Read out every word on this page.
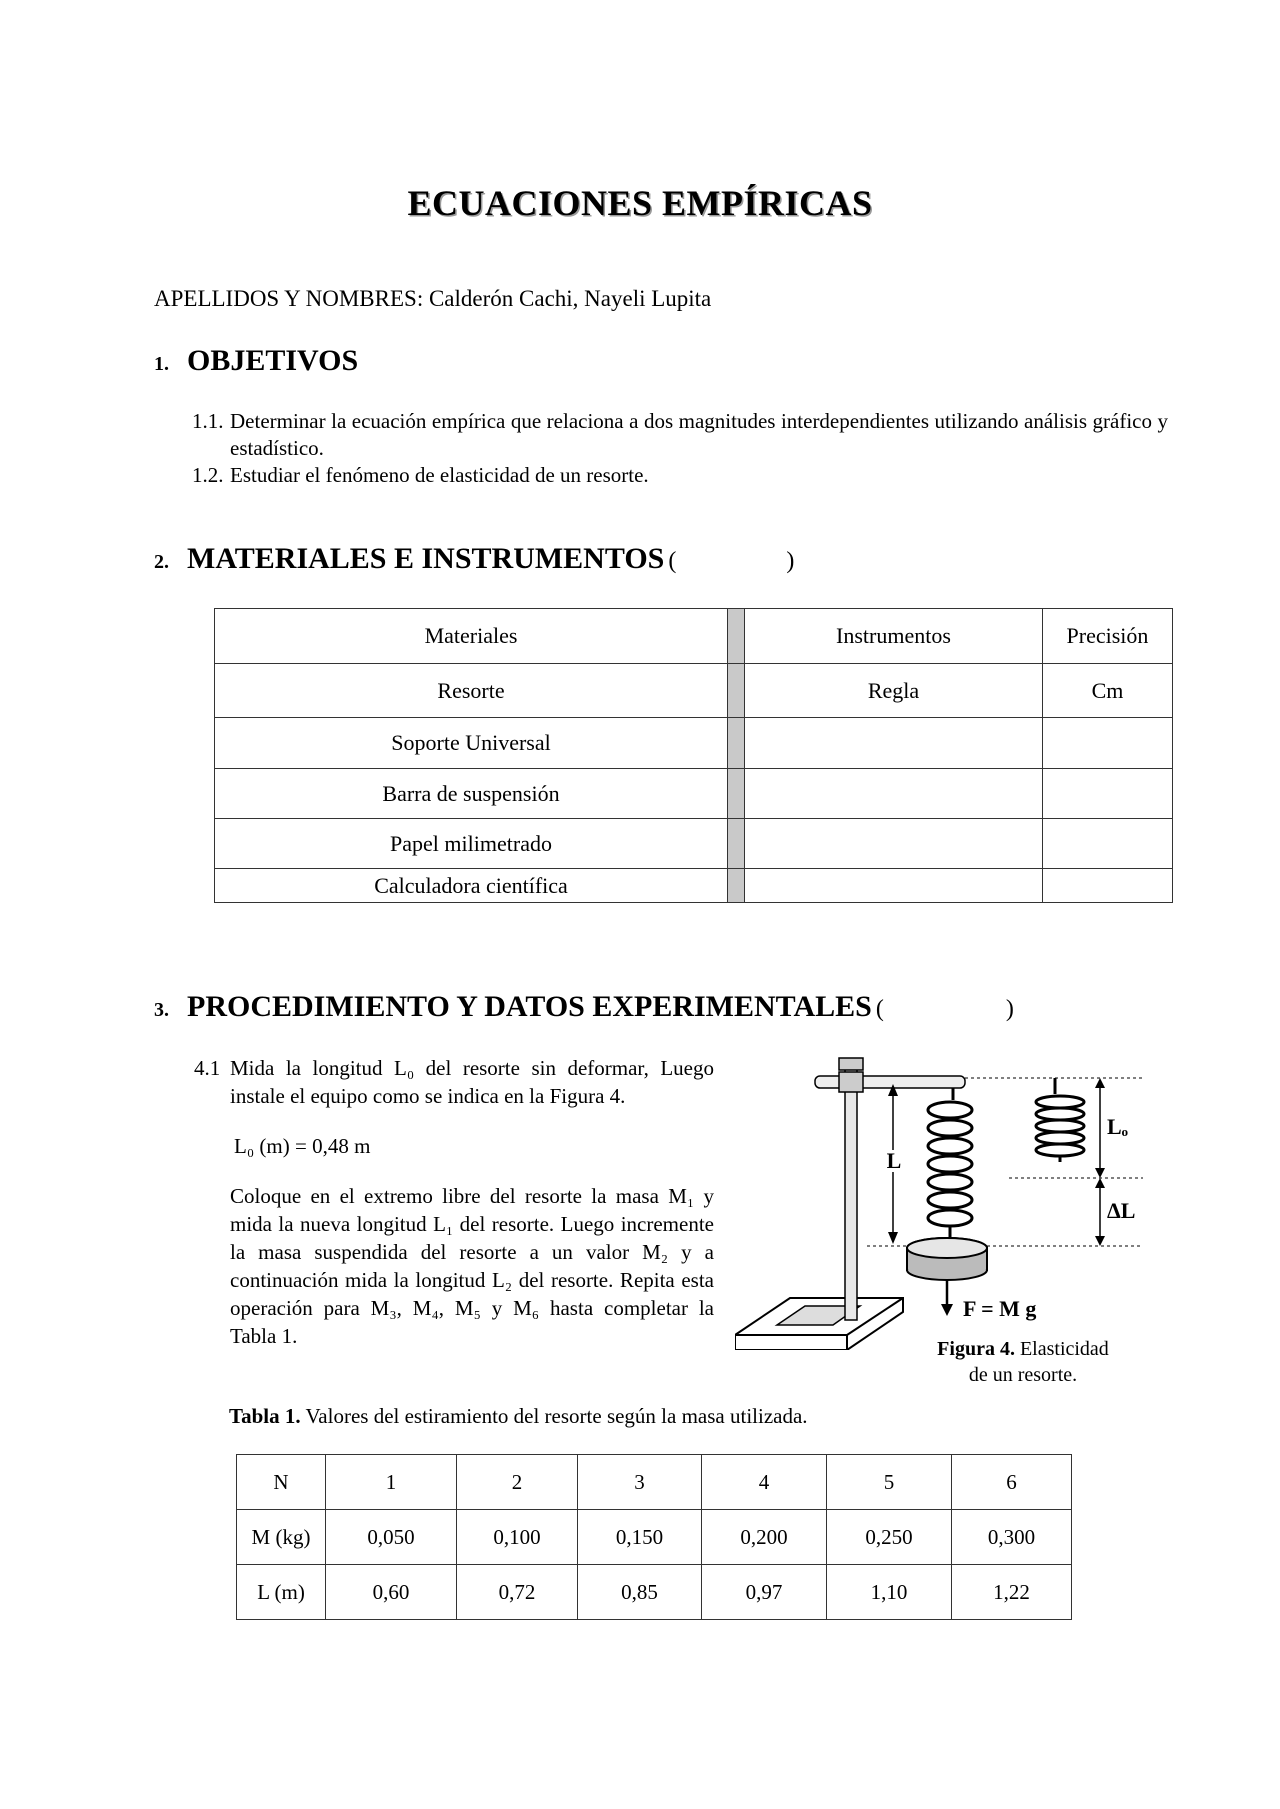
ECUACIONES EMPÍRICAS
APELLIDOS Y NOMBRES: Calderón Cachi, Nayeli Lupita
1. OBJETIVOS
1.1. Determinar la ecuación empírica que relaciona a dos magnitudes interdependientes utilizando análisis gráfico y estadístico.
1.2. Estudiar el fenómeno de elasticidad de un resorte.
2. MATERIALES E INSTRUMENTOS (	)
Materiales		Instrumentos	Precisión
Resorte		Regla	Cm
Soporte Universal			
Barra de suspensión			
Papel milimetrado			
Calculadora científica			
3. PROCEDIMIENTO Y DATOS EXPERIMENTALES (	)
4.1 Mida la longitud L₀ del resorte sin deformar, Luego instale el equipo como se indica en la Figura 4.

L₀ (m) = 0,48 m

Coloque en el extremo libre del resorte la masa M₁ y mida la nueva longitud L₁ del resorte. Luego incremente la masa suspendida del resorte a un valor M₂ y a continuación mida la longitud L₂ del resorte. Repita esta operación para M₃, M₄, M₅ y M₆ hasta completar la Tabla 1.

L
F = M g
Lₒ
ΔL
Figura 4. Elasticidad de un resorte.
Tabla 1. Valores del estiramiento del resorte según la masa utilizada.
N	1	2	3	4	5	6
M (kg)	0,050	0,100	0,150	0,200	0,250	0,300
L (m)	0,60	0,72	0,85	0,97	1,10	1,22
